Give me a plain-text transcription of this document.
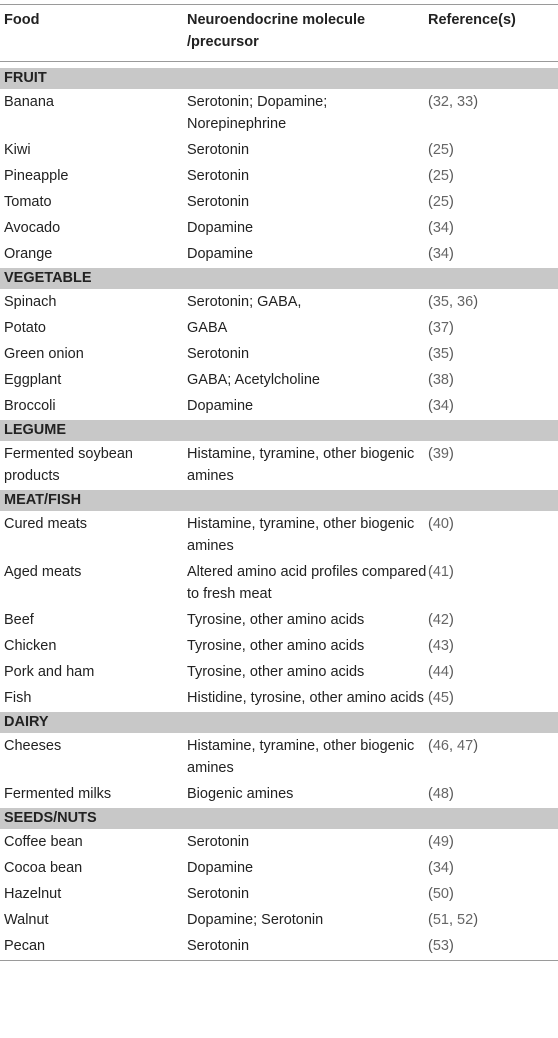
Food	Neuroendocrine molecule /precursor	Reference(s)

FRUIT		
Banana	Serotonin; Dopamine; Norepinephrine	(32, 33)
Kiwi	Serotonin	(25)
Pineapple	Serotonin	(25)
Tomato	Serotonin	(25)
Avocado	Dopamine	(34)
Orange	Dopamine	(34)
VEGETABLE		
Spinach	Serotonin; GABA,	(35, 36)
Potato	GABA	(37)
Green onion	Serotonin	(35)
Eggplant	GABA; Acetylcholine	(38)
Broccoli	Dopamine	(34)
LEGUME		
Fermented soybean products	Histamine, tyramine, other biogenic amines	(39)
MEAT/FISH		
Cured meats	Histamine, tyramine, other biogenic amines	(40)
Aged meats	Altered amino acid profiles compared to fresh meat	(41)
Beef	Tyrosine, other amino acids	(42)
Chicken	Tyrosine, other amino acids	(43)
Pork and ham	Tyrosine, other amino acids	(44)
Fish	Histidine, tyrosine, other amino acids	(45)
DAIRY		
Cheeses	Histamine, tyramine, other biogenic amines	(46, 47)
Fermented milks	Biogenic amines	(48)
SEEDS/NUTS		
Coffee bean	Serotonin	(49)
Cocoa bean	Dopamine	(34)
Hazelnut	Serotonin	(50)
Walnut	Dopamine; Serotonin	(51, 52)
Pecan	Serotonin	(53)
